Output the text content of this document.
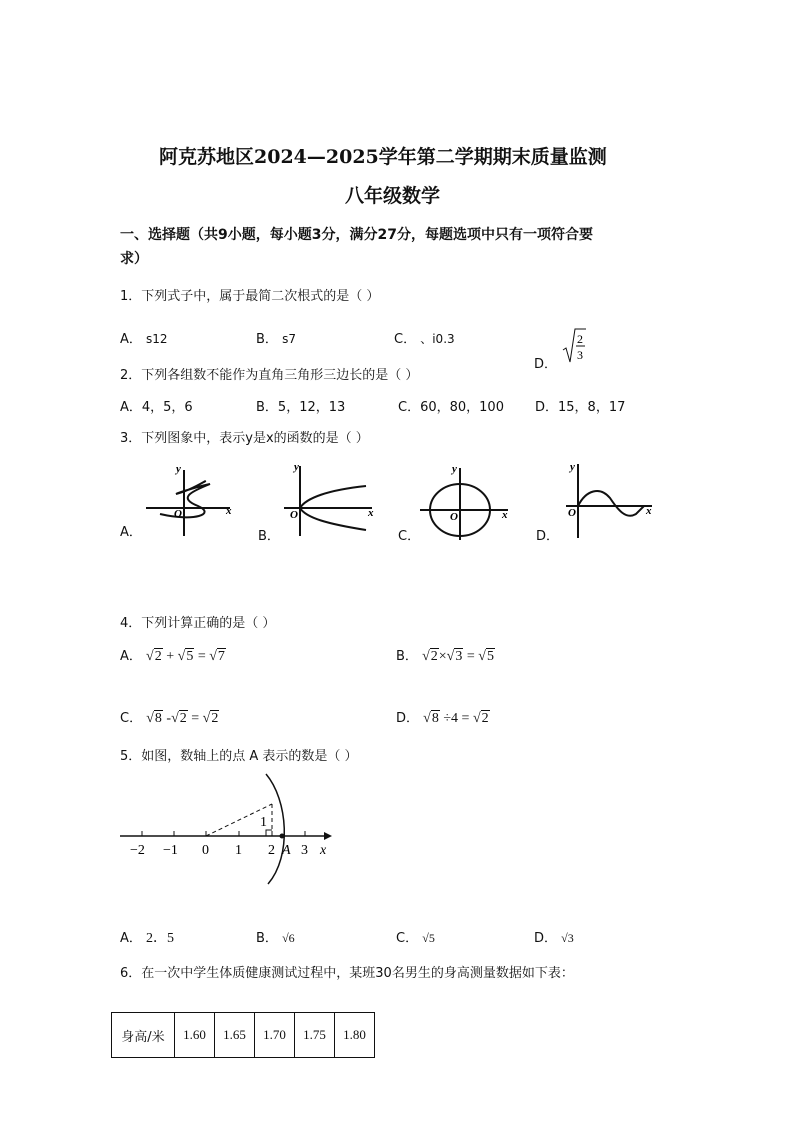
阿克苏地区2024—2025学年第二学期期末质量监测
八年级数学
一、选择题（共9小题，每小题3分，满分27分，每题选项中只有一项符合要
求）
1．下列式子中，属于最简二次根式的是（ ）
A． s12	B． s7	C． 、i0.3
D．
2
3
2．下列各组数不能作为直角三角形三边长的是（ ）
A．4，5，6	B．5，12，13	C．60，80，100 D．15，8，17
3．下列图象中，表示y是x的函数的是（ ）
A．
y
x
O
B．
y
x
O
C．
y
x
O
D．
y
x
O
4．下列计算正确的是（ ）
A． √2 + √5 = √7	B． √2×√3 = √5
C． √8 -√2 = √2	D． √8 ÷4 = √2
5．如图，数轴上的点 A 表示的数是（ ）
−2 −1 0 1 2 3 x
1
A
A． 2．5	B． √6	C． √5	D． √3
6．在一次中学生体质健康测试过程中，某班30名男生的身高测量数据如下表：
身高/米	1.60	1.65	1.70	1.75	1.80
